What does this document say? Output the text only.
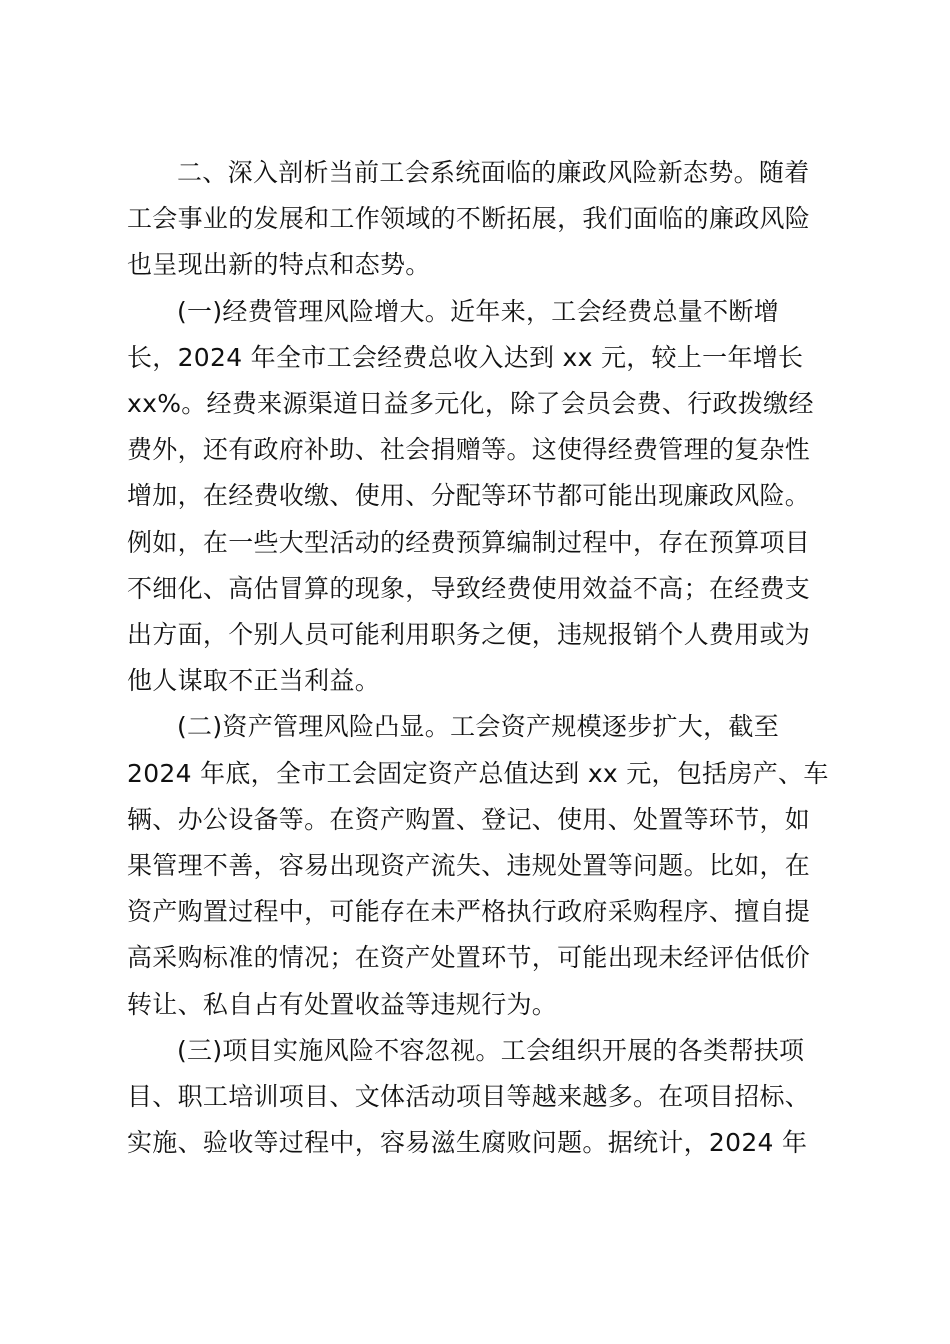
二、深入剖析当前工会系统面临的廉政风险新态势。随着
工会事业的发展和工作领域的不断拓展，我们面临的廉政风险
也呈现出新的特点和态势。

(一)经费管理风险增大。近年来，工会经费总量不断增
长，2024 年全市工会经费总收入达到 xx 元，较上一年增长
xx%。经费来源渠道日益多元化，除了会员会费、行政拨缴经
费外，还有政府补助、社会捐赠等。这使得经费管理的复杂性
增加，在经费收缴、使用、分配等环节都可能出现廉政风险。
例如，在一些大型活动的经费预算编制过程中，存在预算项目
不细化、高估冒算的现象，导致经费使用效益不高；在经费支
出方面，个别人员可能利用职务之便，违规报销个人费用或为
他人谋取不正当利益。

(二)资产管理风险凸显。工会资产规模逐步扩大，截至
2024 年底，全市工会固定资产总值达到 xx 元，包括房产、车
辆、办公设备等。在资产购置、登记、使用、处置等环节，如
果管理不善，容易出现资产流失、违规处置等问题。比如，在
资产购置过程中，可能存在未严格执行政府采购程序、擅自提
高采购标准的情况；在资产处置环节，可能出现未经评估低价
转让、私自占有处置收益等违规行为。

(三)项目实施风险不容忽视。工会组织开展的各类帮扶项
目、职工培训项目、文体活动项目等越来越多。在项目招标、
实施、验收等过程中，容易滋生腐败问题。据统计，2024 年
